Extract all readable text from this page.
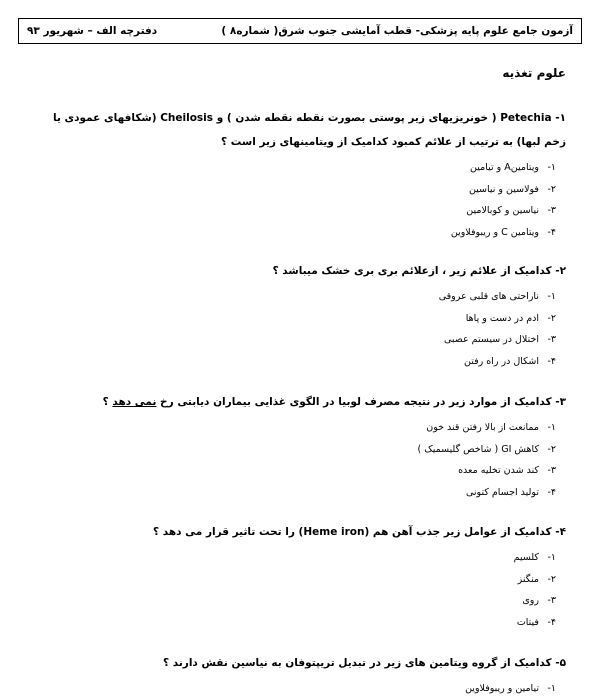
دفترچه الف – شهریور ۹۳	آزمون جامع علوم پایه پزشکی- قطب آمایشی جنوب شرق( شماره۸ )
علوم تغذیه
۱- Petechia ( خونریزیهای زیر پوستی بصورت نقطه نقطه شدن ) و Cheilosis (شکافهای عمودی یا زخم لبها) به ترتیب از علائم کمبود کدامیک از ویتامینهای زیر است ؟
۱- ویتامینA و تیامین
۲- فولاسین و نیاسین
۳- نیاسین و کوبالامین
۴- ویتامین C و ریبوفلاوین
۲- کدامیک از علائم زیر ، ازعلائم بری بری خشک میباشد ؟
۱- ناراحتی های قلبی عروقی
۲- ادم در دست و پاها
۳- اختلال در سیستم عصبی
۴- اشکال در راه رفتن
۳- کدامیک از موارد زیر در نتیجه مصرف لوبیا در الگوی غذایی بیماران دیابتی رخ نمی دهد ؟
۱- ممانعت از بالا رفتن قند خون
۲- کاهش GI ( شاخص گلیسمیک )
۳- کند شدن تخلیه معده
۴- تولید اجسام کتونی
۴- کدامیک از عوامل زیر جذب آهن هم (Heme iron) را تحت تاثیر قرار می دهد ؟
۱- کلسیم
۲- منگنز
۳- روی
۴- فیتات
۵- کدامیک از گروه ویتامین های زیر در تبدیل تریپتوفان به نیاسین نقش دارند ؟
۱- تیامین و ریبوفلاوین
